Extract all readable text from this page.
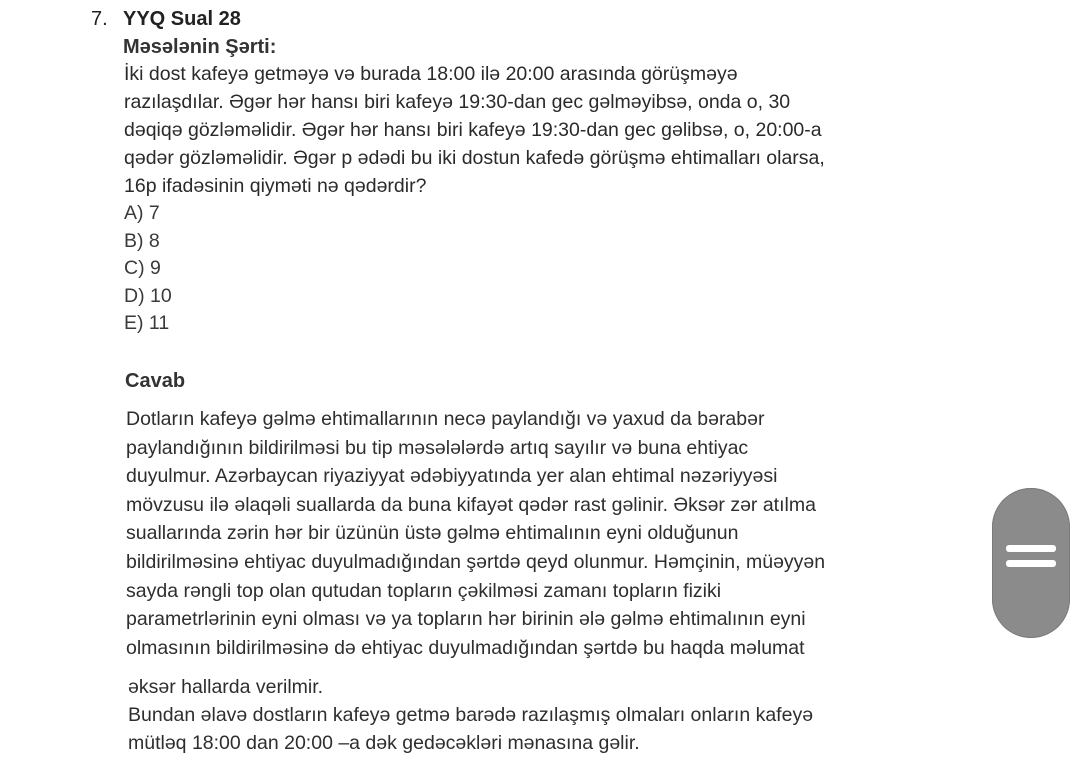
7. YYQ Sual 28
Məsələnin Şərti:
İki dost kafeyə getməyə və burada 18:00 ilə 20:00 arasında görüşməyə
razılaşdılar. Əgər hər hansı biri kafeyə 19:30-dan gec gəlməyibsə, onda o, 30
dəqiqə gözləməlidir. Əgər hər hansı biri kafeyə 19:30-dan gec gəlibsə, o, 20:00-a
qədər gözləməlidir. Əgər p ədədi bu iki dostun kafedə görüşmə ehtimalları olarsa,
16p ifadəsinin qiyməti nə qədərdir?
A) 7
B) 8
C) 9
D) 10
E) 11
Cavab
Dotların kafeyə gəlmə ehtimallarının necə paylandığı və yaxud da bərabər
paylandığının bildirilməsi bu tip məsələlərdə artıq sayılır və buna ehtiyac
duyulmur. Azərbaycan riyaziyyat ədəbiyyatında yer alan ehtimal nəzəriyyəsi
mövzusu ilə əlaqəli suallarda da buna kifayət qədər rast gəlinir. Əksər zər atılma
suallarında zərin hər bir üzünün üstə gəlmə ehtimalının eyni olduğunun
bildirilməsinə ehtiyac duyulmadığından şərtdə qeyd olunmur. Həmçinin, müəyyən
sayda rəngli top olan qutudan topların çəkilməsi zamanı topların fiziki
parametrlərinin eyni olması və ya topların hər birinin ələ gəlmə ehtimalının eyni
olmasının bildirilməsinə də ehtiyac duyulmadığından şərtdə bu haqda məlumat
əksər hallarda verilmir.
Bundan əlavə dostların kafeyə getmə barədə razılaşmış olmaları onların kafeyə
mütləq 18:00 dan 20:00 –a dək gedəcəkləri mənasına gəlir.
